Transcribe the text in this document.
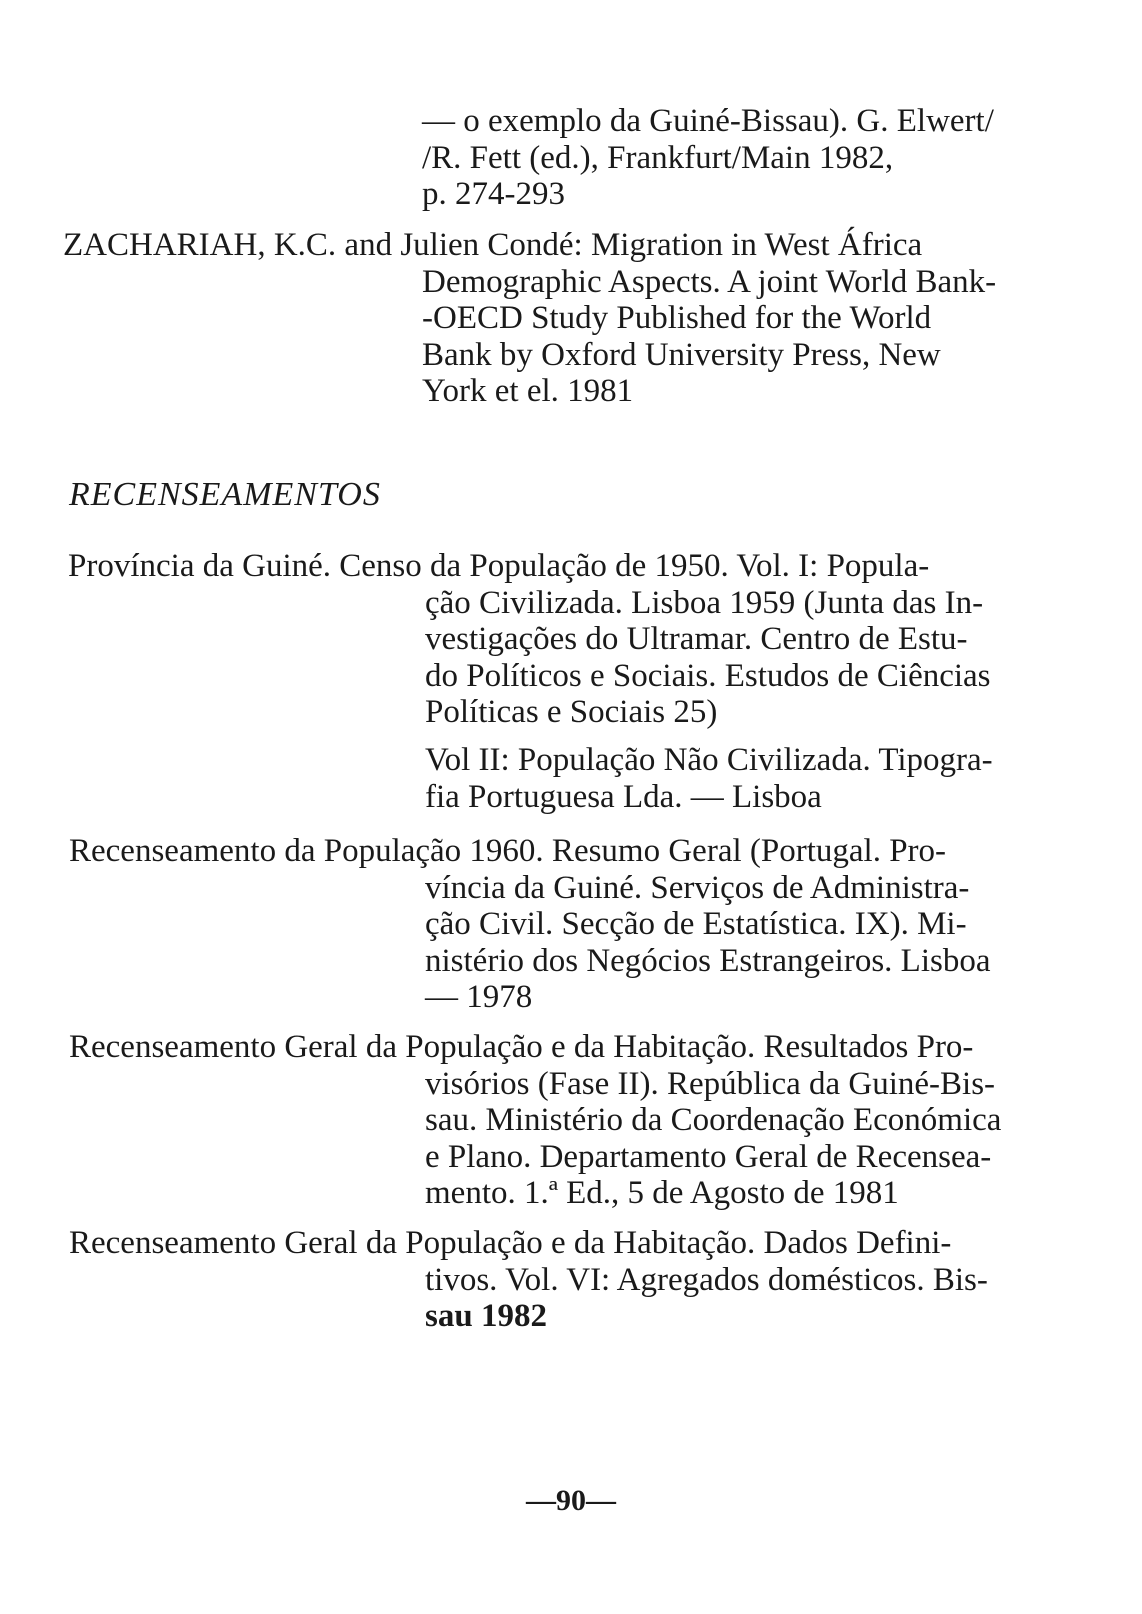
— o exemplo da Guiné-Bissau). G. Elwert/
/R. Fett (ed.), Frankfurt/Main 1982,
p. 274-293
ZACHARIAH, K.C. and Julien Condé: Migration in West África
Demographic Aspects. A joint World Bank-
-OECD Study Published for the World
Bank by Oxford University Press, New
York et el. 1981
RECENSEAMENTOS
Província da Guiné. Censo da População de 1950. Vol. I: Popula-
ção Civilizada. Lisboa 1959 (Junta das In-
vestigações do Ultramar. Centro de Estu-
do Políticos e Sociais. Estudos de Ciências
Políticas e Sociais 25)
Vol II: População Não Civilizada. Tipogra-
fia Portuguesa Lda. — Lisboa
Recenseamento da População 1960. Resumo Geral (Portugal. Pro-
víncia da Guiné. Serviços de Administra-
ção Civil. Secção de Estatística. IX). Mi-
nistério dos Negócios Estrangeiros. Lisboa
— 1978
Recenseamento Geral da População e da Habitação. Resultados Pro-
visórios (Fase II). República da Guiné-Bis-
sau. Ministério da Coordenação Económica
e Plano. Departamento Geral de Recensea-
mento. 1.ª Ed., 5 de Agosto de 1981
Recenseamento Geral da População e da Habitação. Dados Defini-
tivos. Vol. VI: Agregados domésticos. Bis-
sau 1982
—90—
